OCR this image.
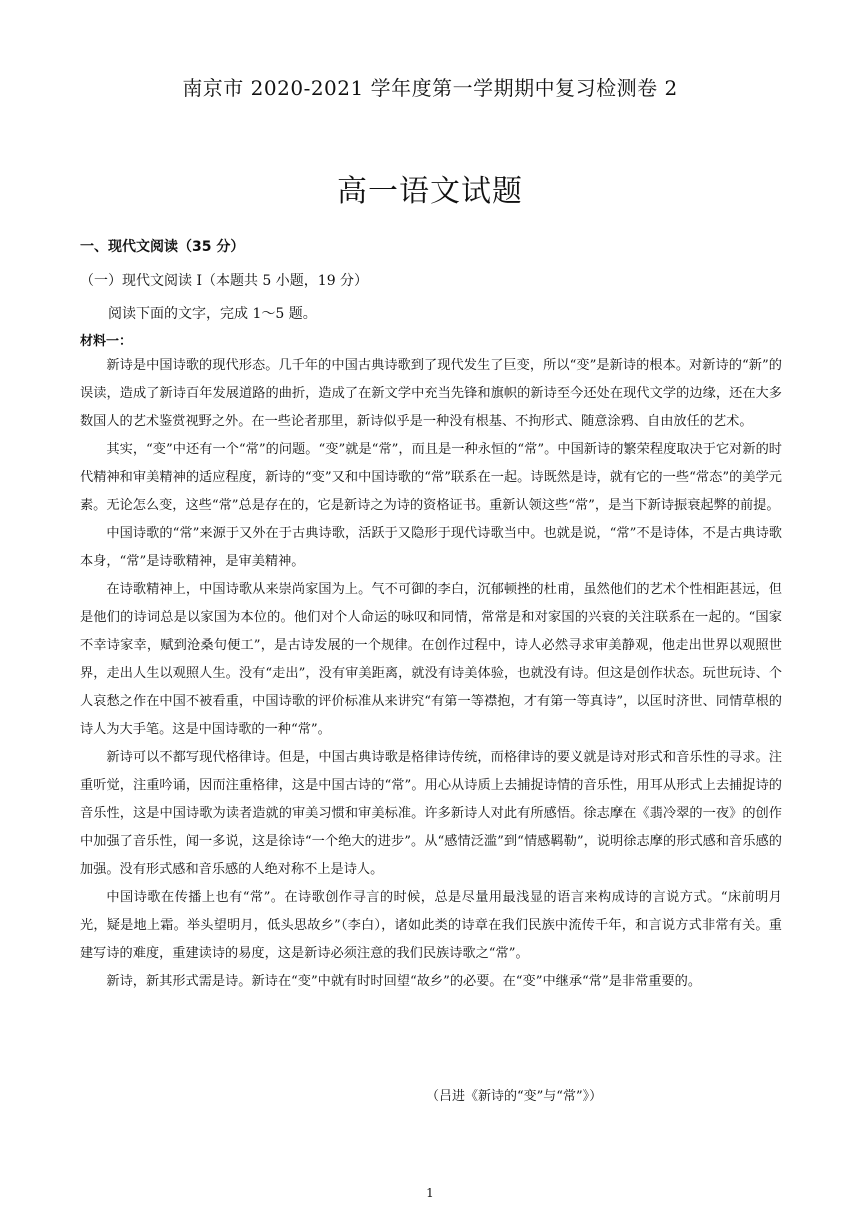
南京市 2020-2021 学年度第一学期期中复习检测卷 2
高一语文试题
一、现代文阅读（35 分）
（一）现代文阅读 I（本题共 5 小题，19 分）
阅读下面的文字，完成 1～5 题。
材料一：

新诗是中国诗歌的现代形态。几千年的中国古典诗歌到了现代发生了巨变，所以“变”是新诗的根本。对新诗的“新”的误读，造成了新诗百年发展道路的曲折，造成了在新文学中充当先锋和旗帜的新诗至今还处在现代文学的边缘，还在大多数国人的艺术鉴赏视野之外。在一些论者那里，新诗似乎是一种没有根基、不拘形式、随意涂鸦、自由放任的艺术。

其实，“变”中还有一个“常”的问题。“变”就是“常”，而且是一种永恒的“常”。中国新诗的繁荣程度取决于它对新的时代精神和审美精神的适应程度，新诗的“变”又和中国诗歌的“常”联系在一起。诗既然是诗，就有它的一些“常态”的美学元素。无论怎么变，这些“常”总是存在的，它是新诗之为诗的资格证书。重新认领这些“常”，是当下新诗振衰起弊的前提。

中国诗歌的“常”来源于又外在于古典诗歌，活跃于又隐形于现代诗歌当中。也就是说，“常”不是诗体，不是古典诗歌本身，“常”是诗歌精神，是审美精神。

在诗歌精神上，中国诗歌从来崇尚家国为上。气不可御的李白，沉郁顿挫的杜甫，虽然他们的艺术个性相距甚远，但是他们的诗词总是以家国为本位的。他们对个人命运的咏叹和同情，常常是和对家国的兴衰的关注联系在一起的。“国家不幸诗家幸，赋到沧桑句便工”，是古诗发展的一个规律。在创作过程中，诗人必然寻求审美静观，他走出世界以观照世界，走出人生以观照人生。没有“走出”，没有审美距离，就没有诗美体验，也就没有诗。但这是创作状态。玩世玩诗、个人哀愁之作在中国不被看重，中国诗歌的评价标准从来讲究“有第一等襟抱，才有第一等真诗”，以匡时济世、同情草根的诗人为大手笔。这是中国诗歌的一种“常”。

新诗可以不都写现代格律诗。但是，中国古典诗歌是格律诗传统，而格律诗的要义就是诗对形式和音乐性的寻求。注重听觉，注重吟诵，因而注重格律，这是中国古诗的“常”。用心从诗质上去捕捉诗情的音乐性，用耳从形式上去捕捉诗的音乐性，这是中国诗歌为读者造就的审美习惯和审美标准。许多新诗人对此有所感悟。徐志摩在《翡冷翠的一夜》的创作中加强了音乐性，闻一多说，这是徐诗“一个绝大的进步”。从“感情泛滥”到“情感羁勒”，说明徐志摩的形式感和音乐感的加强。没有形式感和音乐感的人绝对称不上是诗人。

中国诗歌在传播上也有“常”。在诗歌创作寻言的时候，总是尽量用最浅显的语言来构成诗的言说方式。“床前明月光，疑是地上霜。举头望明月，低头思故乡”（李白），诸如此类的诗章在我们民族中流传千年，和言说方式非常有关。重建写诗的难度，重建读诗的易度，这是新诗必须注意的我们民族诗歌之“常”。

新诗，新其形式需是诗。新诗在“变”中就有时时回望“故乡”的必要。在“变”中继承“常”是非常重要的。

（吕进《新诗的“变”与“常”》）
1
